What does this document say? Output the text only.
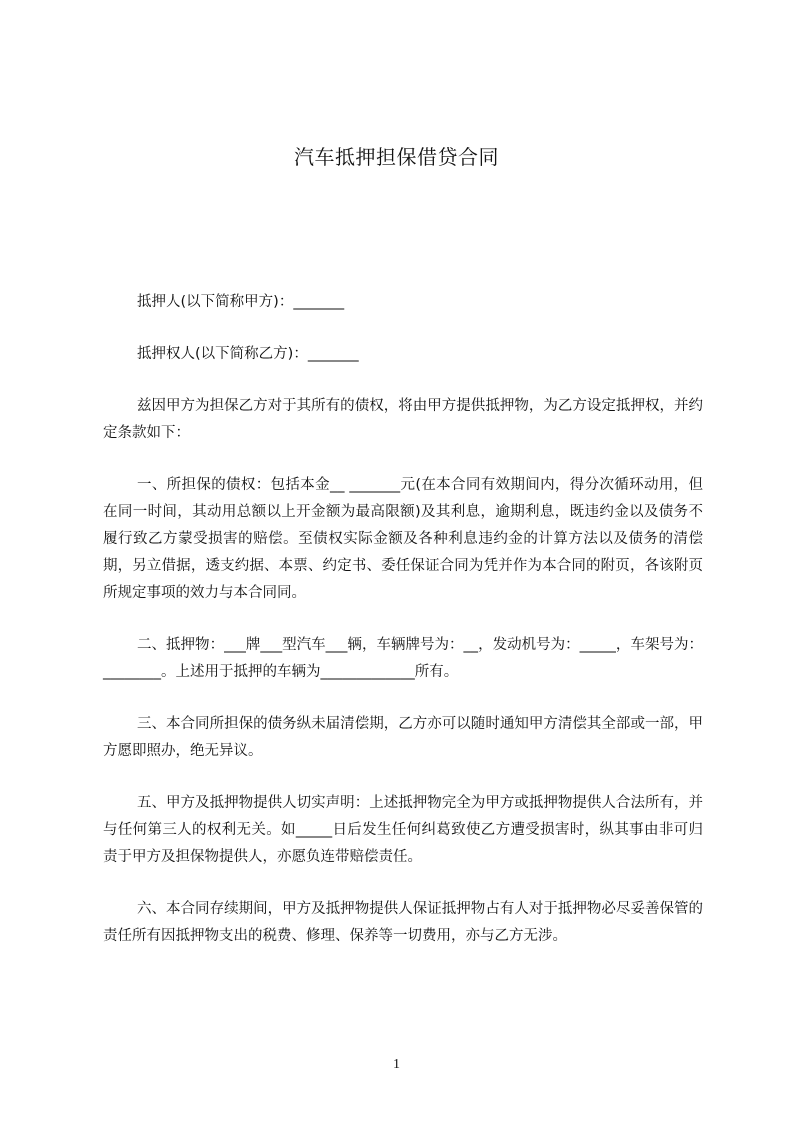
汽车抵押担保借贷合同

抵押人(以下简称甲方)：_______

抵押权人(以下简称乙方)：_______

兹因甲方为担保乙方对于其所有的债权，将由甲方提供抵押物，为乙方设定抵押权，并约定条款如下：

一、所担保的债权：包括本金__ _______元(在本合同有效期间内，得分次循环动用，但在同一时间，其动用总额以上开金额为最高限额)及其利息，逾期利息，既违约金以及债务不履行致乙方蒙受损害的赔偿。至债权实际金额及各种利息违约金的计算方法以及债务的清偿期，另立借据，透支约据、本票、约定书、委任保证合同为凭并作为本合同的附页，各该附页所规定事项的效力与本合同同。

二、抵押物：___牌___型汽车___辆，车辆牌号为：__，发动机号为：_____，车架号为：________。上述用于抵押的车辆为_____________所有。

三、本合同所担保的债务纵未届清偿期，乙方亦可以随时通知甲方清偿其全部或一部，甲方愿即照办，绝无异议。

五、甲方及抵押物提供人切实声明：上述抵押物完全为甲方或抵押物提供人合法所有，并与任何第三人的权利无关。如_____日后发生任何纠葛致使乙方遭受损害时，纵其事由非可归责于甲方及担保物提供人，亦愿负连带赔偿责任。

六、本合同存续期间，甲方及抵押物提供人保证抵押物占有人对于抵押物必尽妥善保管的责任所有因抵押物支出的税费、修理、保养等一切费用，亦与乙方无涉。

1
